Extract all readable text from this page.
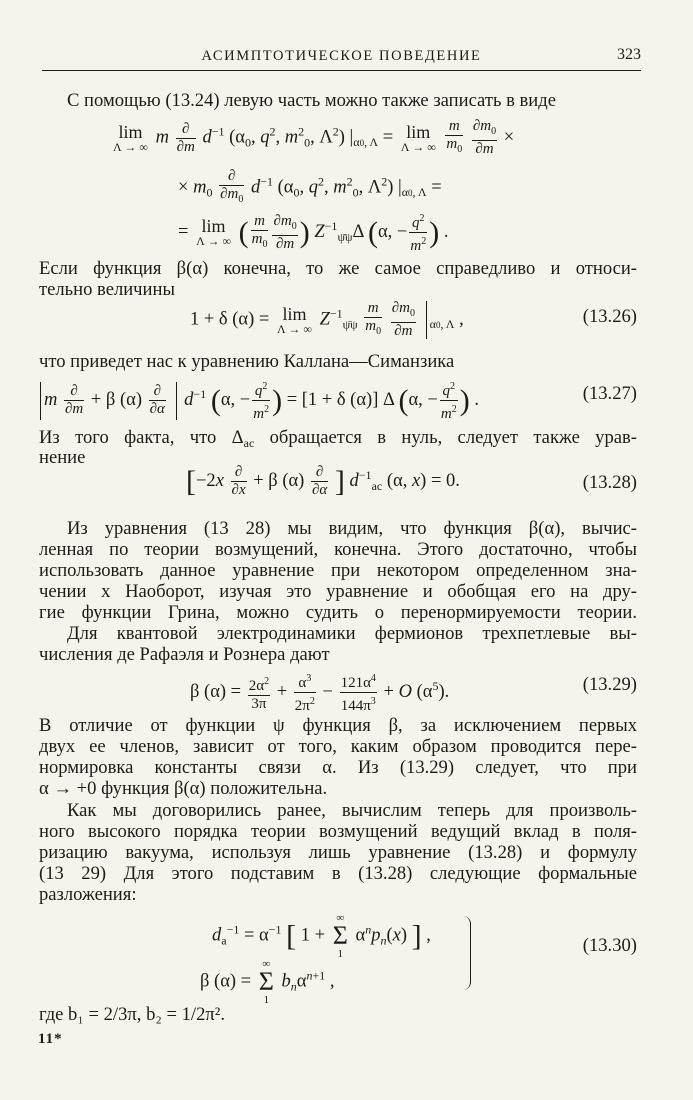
АСИМПТОТИЧЕСКОЕ ПОВЕДЕНИЕ	323
С помощью (13.24) левую часть можно также записать в виде
lim
Λ → ∞ m $\frac{\partial}{\partial m} d^{-1}$ ($\alpha_0$, $q^2$, $m^2_0$, $\Lambda^2$) $|_{\alpha 0, \Lambda} = \lim$
Λ → ∞
$\frac{m}{m_0}$
$\frac{\partial m_0}{\partial m}$ ×
× $m_0 \frac{\partial}{\partial m_0} d^{-1}$ ($\alpha_0$, $q^2$, $m^2_0$, $\Lambda^2$) $|_{\alpha 0, \Lambda}$ =
= lim
Λ → ∞ ( $\frac{m}{m_0} \frac{\partial m_0}{\partial m}$ ) $Z^{-1}_{\psī\psi}\Delta$ (α, − $\frac{q^2}{m^2}$ ) .
Если функция β(α) конечна, то же самое справедливо и относи-
тельно величины
1 + δ (α) = lim
Λ → ∞ $Z^{-1}_{\psī\psi} \frac{m}{m_0}$
$\frac{\partial m_0}{\partial m} _{\alpha 0, \Lambda}$ ,	(13.26)
что приведет нас к уравнению Каллана—Симанзика
m $\frac{\partial}{\partial m} + \beta$ $(\alpha) \frac{\partial}{\partial\alpha} d^{-1}$ (α, − $\frac{q^2}{m^2}$ ) = [1 + δ (α)] Δ (α, − $\frac{q^2}{m^2}$ ) .	(13.27)
Из того факта, что $\Delta_{ас}$ обращается в нуль, следует также урав-
нение
[$-2x \frac{\partial}{\partial x} + \beta$ $(\alpha) \frac{\partial}{\partial\alpha}$ ] $d^{-1}_{ac}$ (α, x) = 0.	(13.28)
Из уравнения (13 28) мы видим, что функция β(α), вычис-
ленная по теории возмущений, конечна. Этого достаточно, чтобы
использовать данное уравнение при некотором определенном зна-
чении x Наоборот, изучая это уравнение и обобщая его на дру-
гие функции Грина, можно судить о перенормируемости теории.
Для квантовой электродинамики фермионов трехпетлевые вы-
числения де Рафаэля и Рознера дают
β $(\alpha) = \frac{2\alpha^2}{3\pi} + \frac{\alpha^3}{2\pi^2} - \frac{121\alpha^4}{144\pi^3} + O$ $(\alpha^5)$.	(13.29)
В отличие от функции ψ функция β, за исключением первых
двух ее членов, зависит от того, каким образом проводится пере-
нормировка константы связи α. Из (13.29) следует, что при
α → +0 функция β(α) положительна.
Как мы договорились ранее, вычислим теперь для произволь-
ного высокого порядка теории возмущений ведущий вклад в поля-
ризацию вакуума, используя лишь уравнение (13.28) и формулу
(13 29) Для этого подставим в (13.28) следующие формальные
разложения:
$d_a^{-1} = \alpha^{-1}$ [ 1 +
∞
Σ
1
$\alpha^np_n(x)$ ] ,
β (α) =
∞
Σ
1
$b_n\alpha^{n+1}$ ,
(13.30)
где b₁ = 2/3π, b₂ = 1/2π².
11*
